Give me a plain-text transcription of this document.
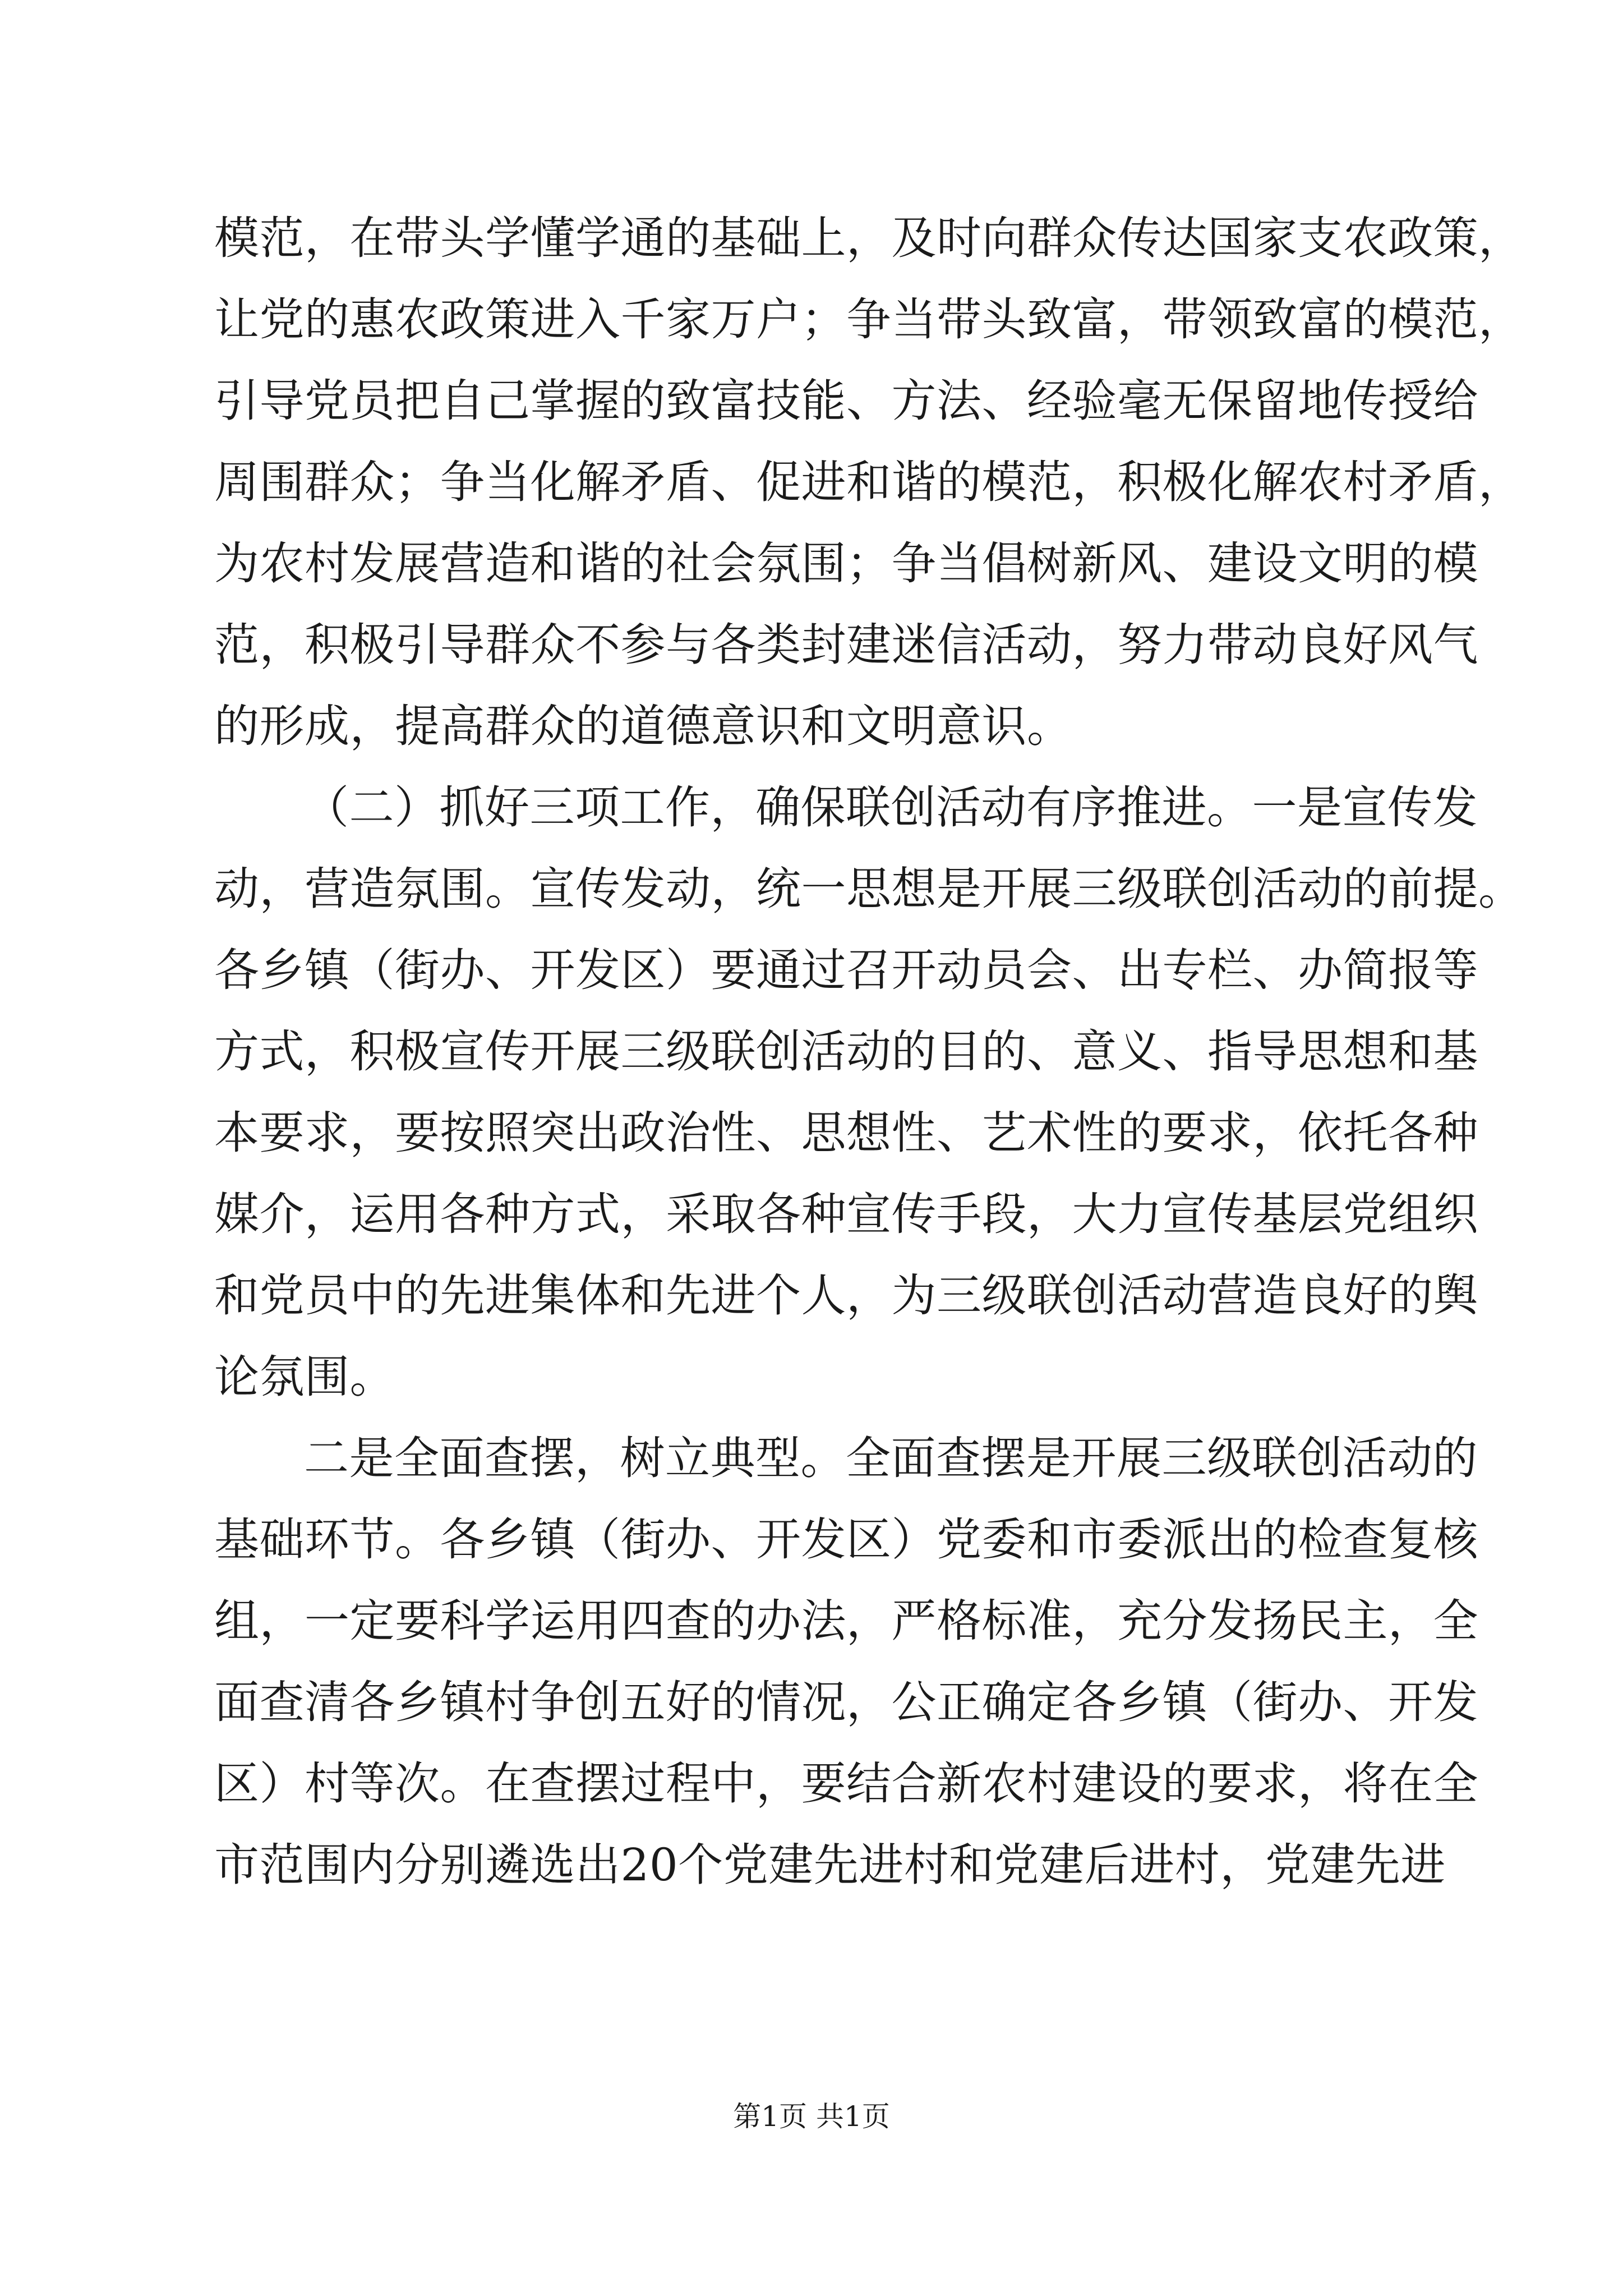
模范，在带头学懂学通的基础上，及时向群众传达国家支农政策，
让党的惠农政策进入千家万户；争当带头致富，带领致富的模范，
引导党员把自己掌握的致富技能、方法、经验毫无保留地传授给
周围群众；争当化解矛盾、促进和谐的模范，积极化解农村矛盾，
为农村发展营造和谐的社会氛围；争当倡树新风、建设文明的模
范，积极引导群众不参与各类封建迷信活动，努力带动良好风气
的形成，提高群众的道德意识和文明意识。
（二）抓好三项工作，确保联创活动有序推进。一是宣传发
动，营造氛围。宣传发动，统一思想是开展三级联创活动的前提。
各乡镇（街办、开发区）要通过召开动员会、出专栏、办简报等
方式，积极宣传开展三级联创活动的目的、意义、指导思想和基
本要求，要按照突出政治性、思想性、艺术性的要求，依托各种
媒介，运用各种方式，采取各种宣传手段，大力宣传基层党组织
和党员中的先进集体和先进个人，为三级联创活动营造良好的舆
论氛围。
二是全面查摆，树立典型。全面查摆是开展三级联创活动的
基础环节。各乡镇（街办、开发区）党委和市委派出的检查复核
组，一定要科学运用四查的办法，严格标准，充分发扬民主，全
面查清各乡镇村争创五好的情况，公正确定各乡镇（街办、开发
区）村等次。在查摆过程中，要结合新农村建设的要求，将在全
市范围内分别遴选出20个党建先进村和党建后进村，党建先进
第1页 共1页
